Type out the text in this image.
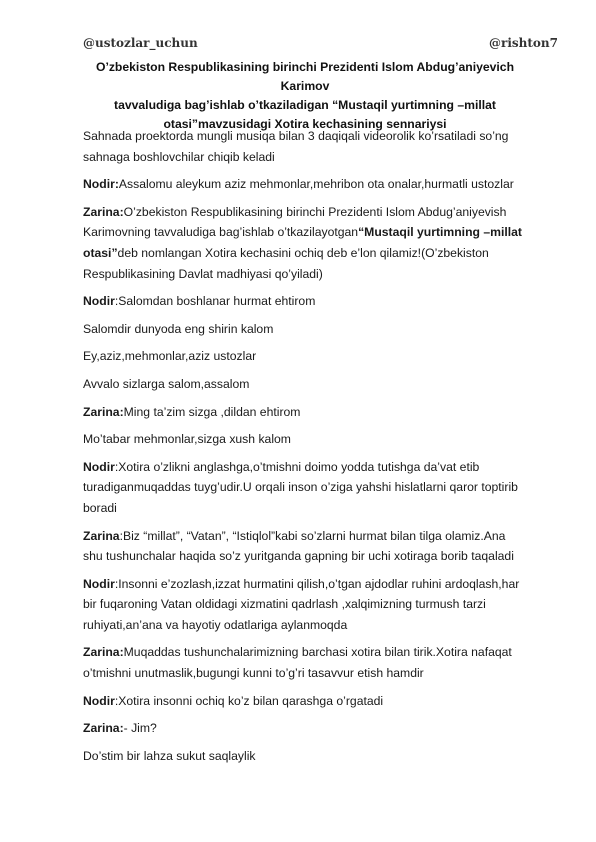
@ustozlar_uchun	@rishton7
O’zbekiston Respublikasining birinchi Prezidenti Islom Abdug’aniyevich Karimov
tavvaludiga bag’ishlab o’tkaziladigan “Mustaqil yurtimning –millat
otasi”mavzusidagi Xotira kechasining sennariysi
Sahnada proektorda mungli musiqa bilan 3 daqiqali videorolik ko’rsatiladi so’ng
sahnaga boshlovchilar chiqib keladi
Nodir:Assalomu aleykum aziz mehmonlar,mehribon ota onalar,hurmatli ustozlar
Zarina:O’zbekiston Respublikasining birinchi Prezidenti Islom Abdug’aniyevish
Karimovning tavvaludiga bag’ishlab o’tkazilayotgan“Mustaqil yurtimning –millat
otasi”deb nomlangan Xotira kechasini ochiq deb e’lon qilamiz!(O’zbekiston
Respublikasining Davlat madhiyasi qo’yiladi)
Nodir:Salomdan boshlanar hurmat ehtirom
Salomdir dunyoda eng shirin kalom
Ey,aziz,mehmonlar,aziz ustozlar
Avvalo sizlarga salom,assalom
Zarina:Ming ta’zim sizga ,dildan ehtirom
Mo’tabar mehmonlar,sizga xush kalom
Nodir:Xotira o’zlikni anglashga,o’tmishni doimo yodda tutishga da’vat etib
turadiganmuqaddas tuyg’udir.U orqali inson o’ziga yahshi hislatlarni qaror toptirib
boradi
Zarina:Biz “millat”, “Vatan”, “Istiqlol”kabi so’zlarni hurmat bilan tilga olamiz.Ana
shu tushunchalar haqida so’z yuritganda gapning bir uchi xotiraga borib taqaladi
Nodir:Insonni e’zozlash,izzat hurmatini qilish,o’tgan ajdodlar ruhini ardoqlash,har
bir fuqaroning Vatan oldidagi xizmatini qadrlash ,xalqimizning turmush tarzi
ruhiyati,an’ana va hayotiy odatlariga aylanmoqda
Zarina:Muqaddas tushunchalarimizning barchasi xotira bilan tirik.Xotira nafaqat
o’tmishni unutmaslik,bugungi kunni to’g’ri tasavvur etish hamdir
Nodir:Xotira insonni ochiq ko’z bilan qarashga o’rgatadi
Zarina:- Jim?
Do’stim bir lahza sukut saqlaylik
